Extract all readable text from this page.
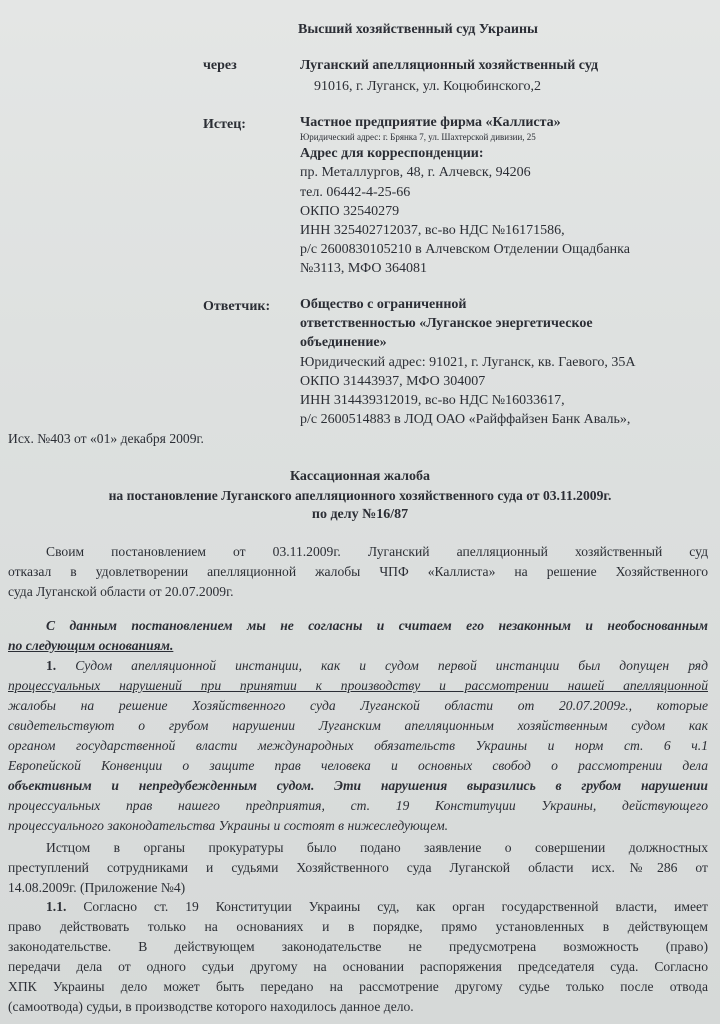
Высший хозяйственный суд Украины
через	Луганский апелляционный хозяйственный суд
91016, г. Луганск, ул. Коцюбинского,2
Истец:	Частное предприятие фирма «Каллиста»
Юридический адрес: г. Брянка 7, ул. Шахтерской дивизии, 25
Адрес для корреспонденции:
пр. Металлургов, 48, г. Алчевск, 94206
тел. 06442-4-25-66
ОКПО 32540279
ИНН 325402712037, вс-во НДС №16171586,
р/с 2600830105210 в Алчевском Отделении Ощадбанка
№3113, МФО 364081
Ответчик: Общество с ограниченной
ответственностью «Луганское энергетическое
объединение»
Юридический адрес: 91021, г. Луганск, кв. Гаевого, 35А
ОКПО 31443937, МФО 304007
ИНН 314439312019, вс-во НДС №16033617,
р/с 2600514883 в ЛОД ОАО «Райффайзен Банк Аваль»,
Исх. №403 от «01» декабря 2009г.
Кассационная жалоба
на постановление Луганского апелляционного хозяйственного суда от 03.11.2009г.
по делу №16/87
Своим постановлением от 03.11.2009г. Луганский апелляционный хозяйственный суд
отказал в удовлетворении апелляционной жалобы ЧПФ «Каллиста» на решение Хозяйственного
суда Луганской области от 20.07.2009г.
С данным постановлением мы не согласны и считаем его незаконным и необоснованным
по следующим основаниям.
1. Судом апелляционной инстанции, как и судом первой инстанции был допущен ряд
процессуальных нарушений при принятии к производству и рассмотрении нашей апелляционной
жалобы на решение Хозяйственного суда Луганской области от 20.07.2009г., которые
свидетельствуют о грубом нарушении Луганским апелляционным хозяйственным судом как
органом государственной власти международных обязательств Украины и норм ст. 6 ч.1
Европейской Конвенции о защите прав человека и основных свобод о рассмотрении дела
объективным и непредубежденным судом. Эти нарушения выразились в грубом нарушении
процессуальных прав нашего предприятия, ст. 19 Конституции Украины, действующего
процессуального законодательства Украины и состоят в нижеследующем.
Истцом в органы прокуратуры было подано заявление о совершении должностных
преступлений сотрудниками и судьями Хозяйственного суда Луганской области исх.№286 от
14.08.2009г. (Приложение №4)
1.1. Согласно ст. 19 Конституции Украины суд, как орган государственной власти, имеет
право действовать только на основаниях и в порядке, прямо установленных в действующем
законодательстве. В действующем законодательстве не предусмотрена возможность (право)
передачи дела от одного судьи другому на основании распоряжения председателя суда. Согласно
ХПК Украины дело может быть передано на рассмотрение другому судье только после отвода
(самоотвода) судьи, в производстве которого находилось данное дело.
